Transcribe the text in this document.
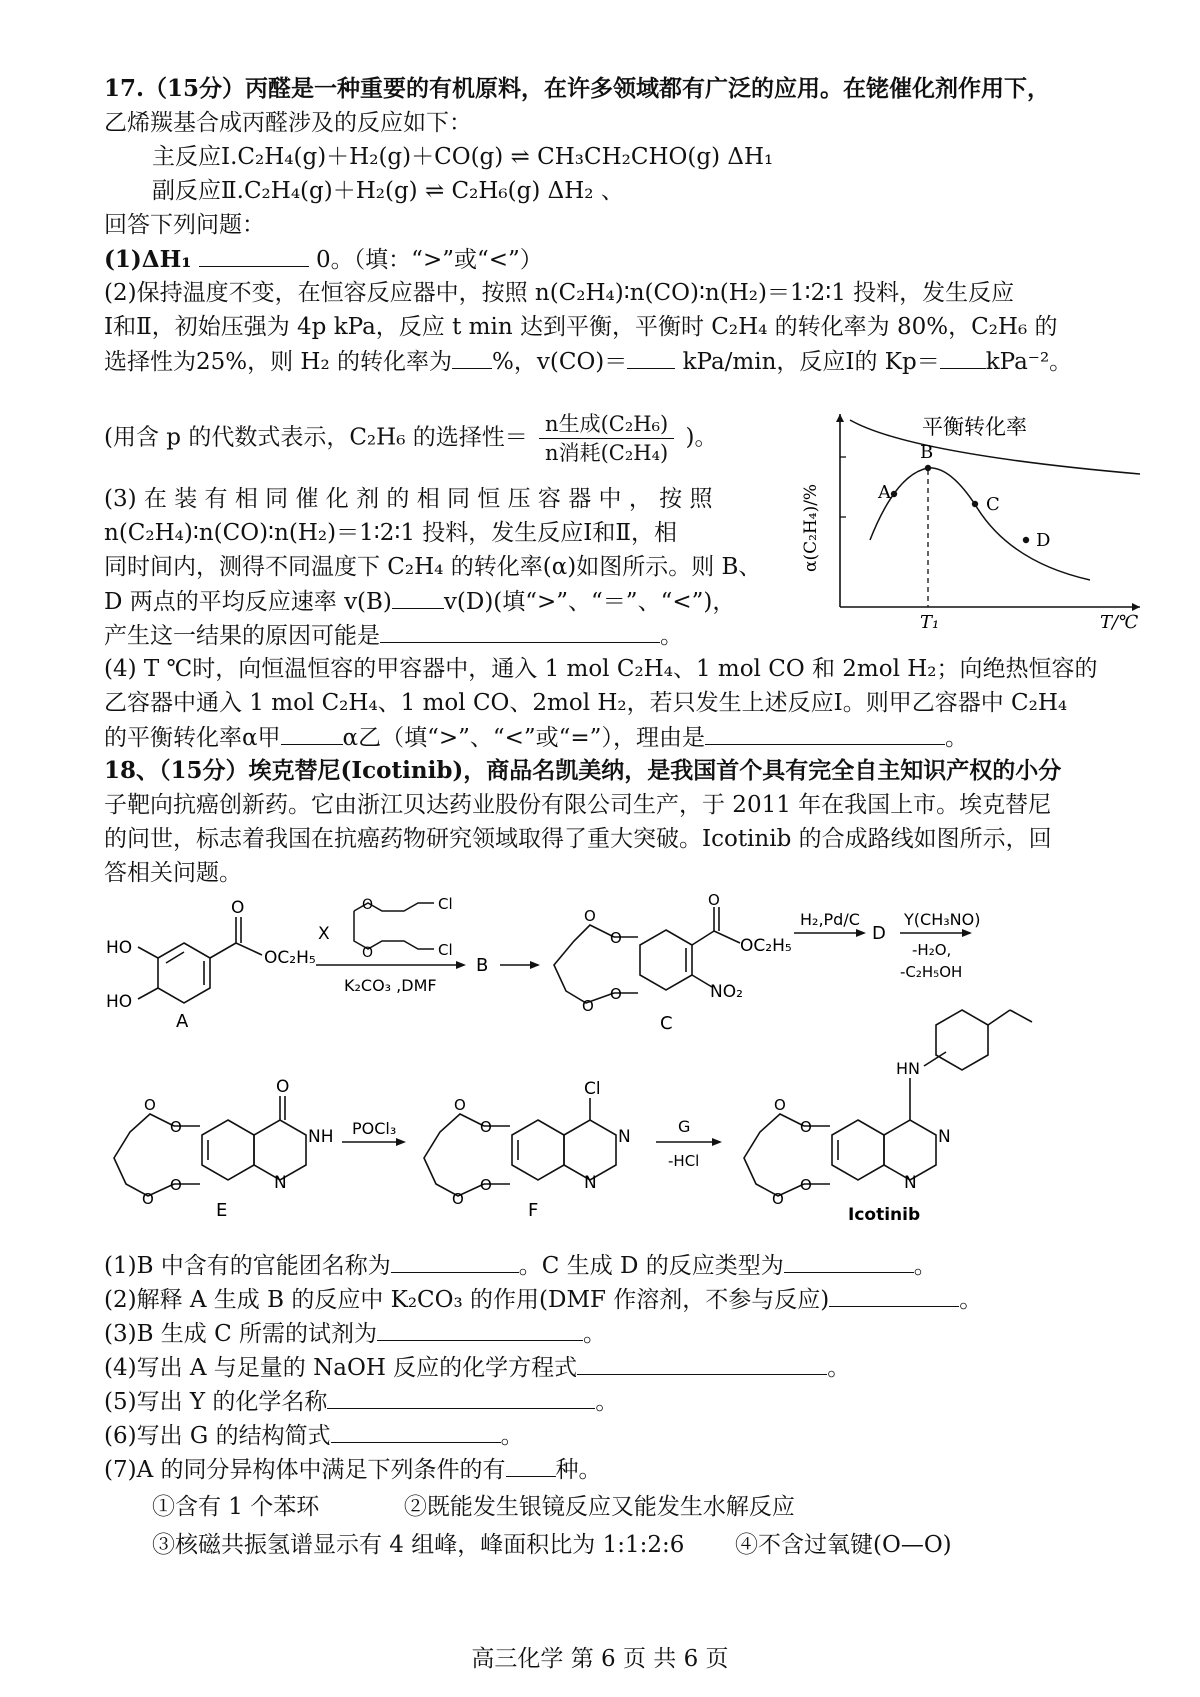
17.（15分）丙醛是一种重要的有机原料，在许多领域都有广泛的应用。在铑催化剂作用下，
乙烯羰基合成丙醛涉及的反应如下：
主反应Ⅰ.C₂H₄(g)＋H₂(g)＋CO(g) ⇌ CH₃CH₂CHO(g) ΔH₁
副反应Ⅱ.C₂H₄(g)＋H₂(g) ⇌ C₂H₆(g) ΔH₂ 、
回答下列问题：
(1)ΔH₁	0。（填：“>”或“<”）
(2)保持温度不变，在恒容反应器中，按照 n(C₂H₄)∶n(CO)∶n(H₂)＝1∶2∶1 投料，发生反应
Ⅰ和Ⅱ，初始压强为 4p kPa，反应 t min 达到平衡，平衡时 C₂H₄ 的转化率为 80%，C₂H₆ 的
选择性为25%，则 H₂ 的转化率为 %，v(CO)＝ kPa/min，反应Ⅰ的 Kp＝ kPa⁻²。
(用含 p 的代数式表示，C₂H₆ 的选择性＝
n生成(C₂H₆)
n消耗(C₂H₄)
)。
(3) 在 装 有 相 同 催 化 剂 的 相 同 恒 压 容 器 中 ， 按 照
n(C₂H₄)∶n(CO)∶n(H₂)＝1∶2∶1 投料，发生反应Ⅰ和Ⅱ，相
同时间内，测得不同温度下 C₂H₄ 的转化率(α)如图所示。则 B、
D 两点的平均反应速率 v(B) v(D)(填“>”、“＝”、“<”)，
产生这一结果的原因可能是	。
A
B
C
D
平衡转化率
α(C₂H₄)/%
T₁	T/℃
(4) T ℃时，向恒温恒容的甲容器中，通入 1 mol C₂H₄、1 mol CO 和 2mol H₂；向绝热恒容的
乙容器中通入 1 mol C₂H₄、1 mol CO、2mol H₂，若只发生上述反应Ⅰ。则甲乙容器中 C₂H₄
的平衡转化率α甲	α乙（填“>”、“<”或“=”），理由是	。
18、（15分）埃克替尼(Icotinib)，商品名凯美纳，是我国首个具有完全自主知识产权的小分
子靶向抗癌创新药。它由浙江贝达药业股份有限公司生产，于 2011 年在我国上市。埃克替尼
的问世，标志着我国在抗癌药物研究领域取得了重大突破。Icotinib 的合成路线如图所示，回
答相关问题。
HO
HO
O
OC₂H₅
A
X
O
O
Cl
Cl
K₂CO₃ ,DMF
B
O
O
O
O
O
OC₂H₅
NO₂
C
H₂,Pd/C
D
Y(CH₃NO)
-H₂O,
-C₂H₅OH
O
O
O
O
O
NH
N
E
POCl₃	O
O
O
O
Cl
N
N
F
G
-HCl
O
O
O
O
HN
N
N
Icotinib
(1)B 中含有的官能团名称为	。C 生成 D 的反应类型为	。
(2)解释 A 生成 B 的反应中 K₂CO₃ 的作用(DMF 作溶剂，不参与反应)	。
(3)B 生成 C 所需的试剂为	。
(4)写出 A 与足量的 NaOH 反应的化学方程式	。
(5)写出 Y 的化学名称	。
(6)写出 G 的结构简式	。
(7)A 的同分异构体中满足下列条件的有 种。
①含有 1 个苯环	②既能发生银镜反应又能发生水解反应
③核磁共振氢谱显示有 4 组峰，峰面积比为 1:1:2:6 ④不含过氧键(O—O)
高三化学 第 6 页 共 6 页
